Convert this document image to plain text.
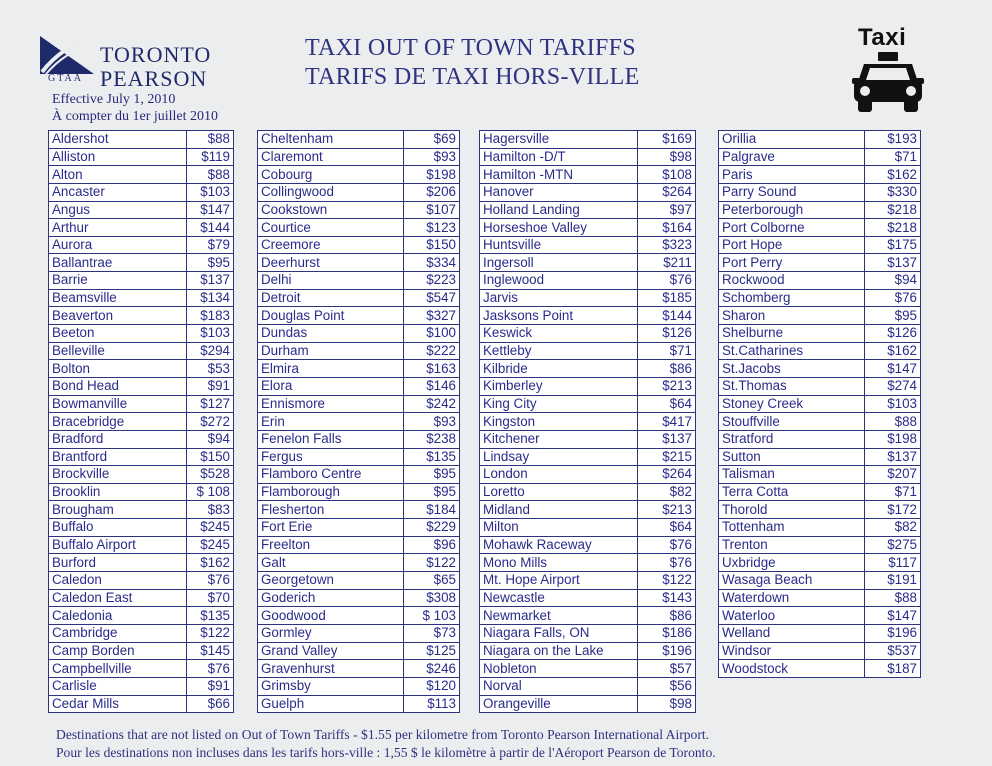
TORONTO
GTAA PEARSON
Effective July 1, 2010
À compter du 1er juillet 2010
TAXI OUT OF TOWN TARIFFS
TARIFS DE TAXI HORS-VILLE
Taxi
Aldershot	$88
Alliston	$119
Alton	$88
Ancaster	$103
Angus	$147
Arthur	$144
Aurora	$79
Ballantrae	$95
Barrie	$137
Beamsville	$134
Beaverton	$183
Beeton	$103
Belleville	$294
Bolton	$53
Bond Head	$91
Bowmanville	$127
Bracebridge	$272
Bradford	$94
Brantford	$150
Brockville	$528
Brooklin	$ 108
Brougham	$83
Buffalo	$245
Buffalo Airport	$245
Burford	$162
Caledon	$76
Caledon East	$70
Caledonia	$135
Cambridge	$122
Camp Borden	$145
Campbellville	$76
Carlisle	$91
Cedar Mills	$66
Cheltenham	$69
Claremont	$93
Cobourg	$198
Collingwood	$206
Cookstown	$107
Courtice	$123
Creemore	$150
Deerhurst	$334
Delhi	$223
Detroit	$547
Douglas Point	$327
Dundas	$100
Durham	$222
Elmira	$163
Elora	$146
Ennismore	$242
Erin	$93
Fenelon Falls	$238
Fergus	$135
Flamboro Centre	$95
Flamborough	$95
Flesherton	$184
Fort Erie	$229
Freelton	$96
Galt	$122
Georgetown	$65
Goderich	$308
Goodwood	$ 103
Gormley	$73
Grand Valley	$125
Gravenhurst	$246
Grimsby	$120
Guelph	$113
Hagersville	$169
Hamilton -D/T	$98
Hamilton -MTN	$108
Hanover	$264
Holland Landing	$97
Horseshoe Valley	$164
Huntsville	$323
Ingersoll	$211
Inglewood	$76
Jarvis	$185
Jasksons Point	$144
Keswick	$126
Kettleby	$71
Kilbride	$86
Kimberley	$213
King City	$64
Kingston	$417
Kitchener	$137
Lindsay	$215
London	$264
Loretto	$82
Midland	$213
Milton	$64
Mohawk Raceway	$76
Mono Mills	$76
Mt. Hope Airport	$122
Newcastle	$143
Newmarket	$86
Niagara Falls, ON	$186
Niagara on the Lake	$196
Nobleton	$57
Norval	$56
Orangeville	$98
Orillia	$193
Palgrave	$71
Paris	$162
Parry Sound	$330
Peterborough	$218
Port Colborne	$218
Port Hope	$175
Port Perry	$137
Rockwood	$94
Schomberg	$76
Sharon	$95
Shelburne	$126
St.Catharines	$162
St.Jacobs	$147
St.Thomas	$274
Stoney Creek	$103
Stouffville	$88
Stratford	$198
Sutton	$137
Talisman	$207
Terra Cotta	$71
Thorold	$172
Tottenham	$82
Trenton	$275
Uxbridge	$117
Wasaga Beach	$191
Waterdown	$88
Waterloo	$147
Welland	$196
Windsor	$537
Woodstock	$187
Destinations that are not listed on Out of Town Tariffs - $1.55 per kilometre from Toronto Pearson International Airport.
Pour les destinations non incluses dans les tarifs hors-ville : 1,55 $ le kilomètre à partir de l'Aéroport Pearson de Toronto.
